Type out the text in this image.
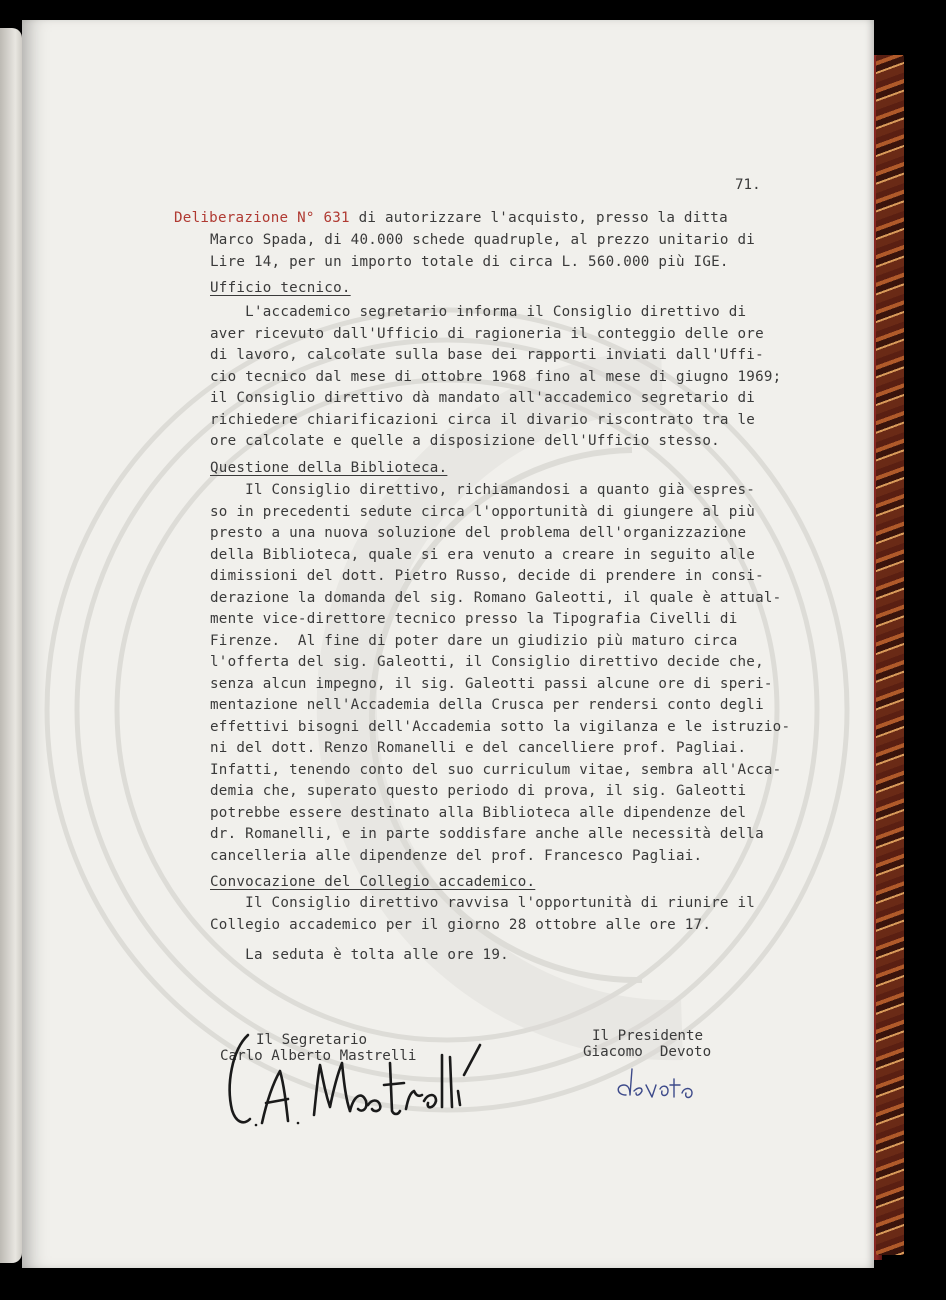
71.
Deliberazione N° 631 di autorizzare l'acquisto, presso la ditta
Marco Spada, di 40.000 schede quadruple, al prezzo unitario di
Lire 14, per un importo totale di circa L. 560.000 più IGE.
Ufficio tecnico.
L'accademico segretario informa il Consiglio direttivo di
aver ricevuto dall'Ufficio di ragioneria il conteggio delle ore
di lavoro, calcolate sulla base dei rapporti inviati dall'Uffi-
cio tecnico dal mese di ottobre 1968 fino al mese di giugno 1969;
il Consiglio direttivo dà mandato all'accademico segretario di
richiedere chiarificazioni circa il divario riscontrato tra le
ore calcolate e quelle a disposizione dell'Ufficio stesso.
Questione della Biblioteca.
Il Consiglio direttivo, richiamandosi a quanto già espres-
so in precedenti sedute circa l'opportunità di giungere al più
presto a una nuova soluzione del problema dell'organizzazione
della Biblioteca, quale si era venuto a creare in seguito alle
dimissioni del dott. Pietro Russo, decide di prendere in consi-
derazione la domanda del sig. Romano Galeotti, il quale è attual-
mente vice-direttore tecnico presso la Tipografia Civelli di
Firenze.  Al fine di poter dare un giudizio più maturo circa
l'offerta del sig. Galeotti, il Consiglio direttivo decide che,
senza alcun impegno, il sig. Galeotti passi alcune ore di speri-
mentazione nell'Accademia della Crusca per rendersi conto degli
effettivi bisogni dell'Accademia sotto la vigilanza e le istruzio-
ni del dott. Renzo Romanelli e del cancelliere prof. Pagliai.
Infatti, tenendo conto del suo curriculum vitae, sembra all'Acca-
demia che, superato questo periodo di prova, il sig. Galeotti
potrebbe essere destinato alla Biblioteca alle dipendenze del
dr. Romanelli, e in parte soddisfare anche alle necessità della
cancelleria alle dipendenze del prof. Francesco Pagliai.
Convocazione del Collegio accademico.
Il Consiglio direttivo ravvisa l'opportunità di riunire il
Collegio accademico per il giorno 28 ottobre alle ore 17.
La seduta è tolta alle ore 19.
Il Segretario
Carlo Alberto Mastrelli
Il Presidente
Giacomo  Devoto
